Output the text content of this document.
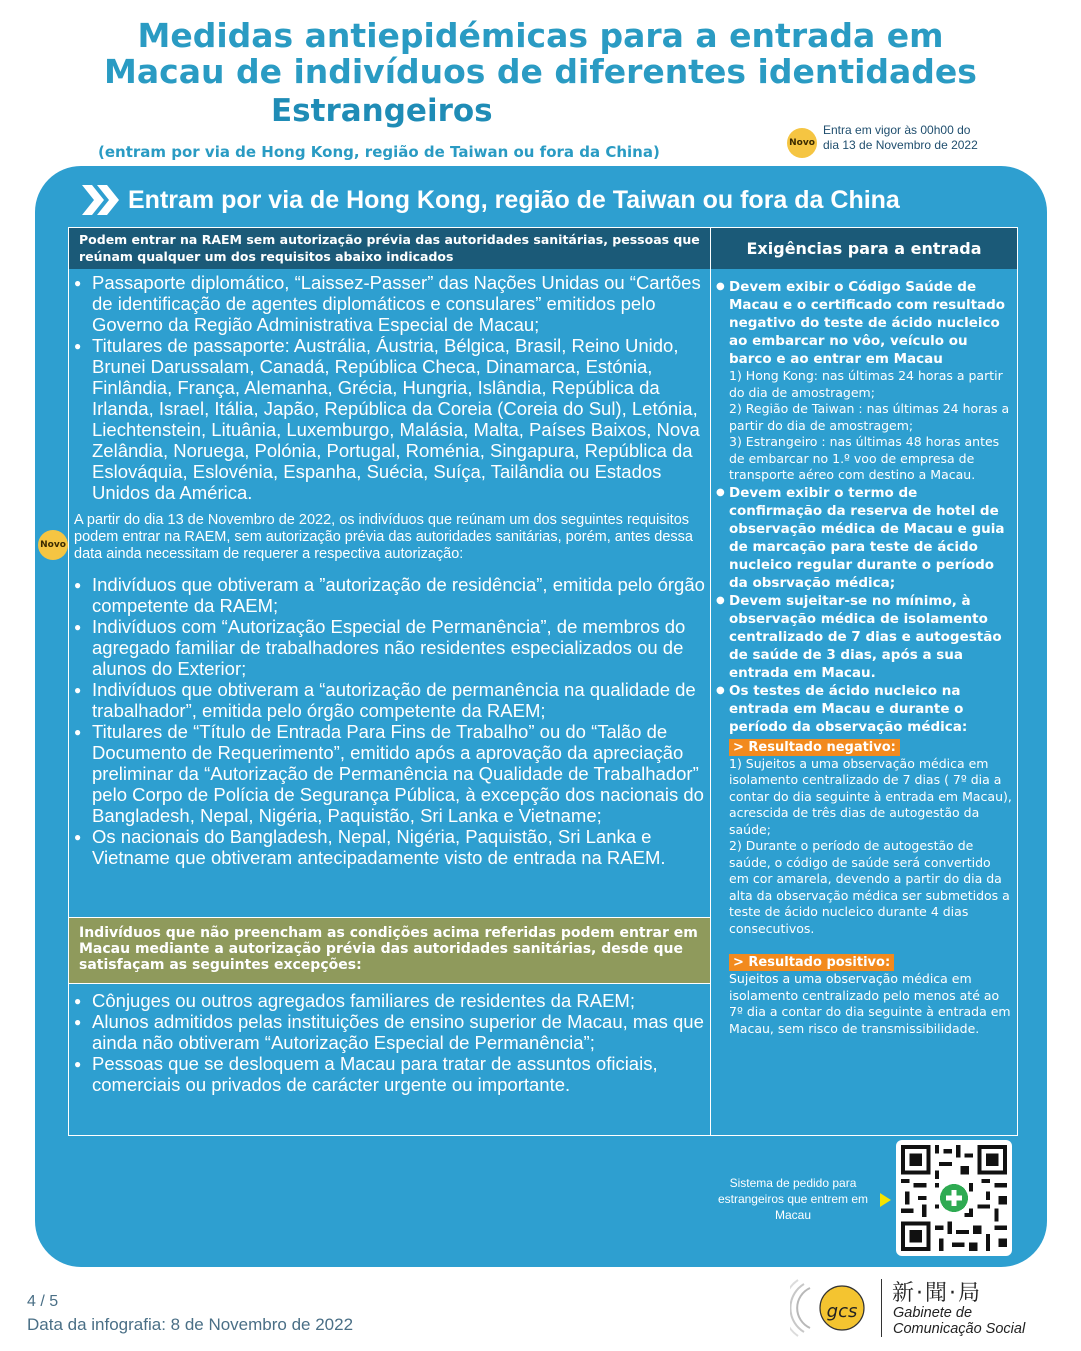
Medidas antiepidémicas para a entrada em
Macau de indivíduos de diferentes identidades
Estrangeiros
(entram por via de Hong Kong, região de Taiwan ou fora da China)	Novo
Entra em vigor às 00h00 do
dia 13 de Novembro de 2022
Entram por via de Hong Kong, região de Taiwan ou fora da China
Podem entrar na RAEM sem autorização prévia das autoridades sanitárias, pessoas que reúnam qualquer um dos requisitos abaixo indicados	Exigências para a entrada
● Passaporte diplomático, “Laissez-Passer” das Nações Unidas ou “Cartões de identificação de agentes diplomáticos e consulares” emitidos pelo Governo da Região Administrativa Especial de Macau;
● Titulares de passaporte: Austrália, Áustria, Bélgica, Brasil, Reino Unido, Brunei Darussalam, Canadá, República Checa, Dinamarca, Estónia, Finlândia, França, Alemanha, Grécia, Hungria, Islândia, República da Irlanda, Israel, Itália, Japão, República da Coreia (Coreia do Sul), Letónia, Liechtenstein, Lituânia, Luxemburgo, Malásia, Malta, Países Baixos, Nova Zelândia, Noruega, Polónia, Portugal, Roménia, Singapura, República da Eslováquia, Eslovénia, Espanha, Suécia, Suíça, Tailândia ou Estados Unidos da América.
Novo
A partir do dia 13 de Novembro de 2022, os indivíduos que reúnam um dos seguintes requisitos podem entrar na RAEM, sem autorização prévia das autoridades sanitárias, porém, antes dessa data ainda necessitam de requerer a respectiva autorização:
● Indivíduos que obtiveram a ”autorização de residência”, emitida pelo órgão competente da RAEM;
● Indivíduos com “Autorização Especial de Permanência”, de membros do agregado familiar de trabalhadores não residentes especializados ou de alunos do Exterior;
● Indivíduos que obtiveram a “autorização de permanência na qualidade de trabalhador”, emitida pelo órgão competente da RAEM;
● Titulares de “Título de Entrada Para Fins de Trabalho” ou do “Talão de Documento de Requerimento”, emitido após a aprovação da apreciação preliminar da “Autorização de Permanência na Qualidade de Trabalhador” pelo Corpo de Polícia de Segurança Pública, à excepção dos nacionais do Bangladesh, Nepal, Nigéria, Paquistão, Sri Lanka e Vietname;
● Os nacionais do Bangladesh, Nepal, Nigéria, Paquistão, Sri Lanka e Vietname que obtiveram antecipadamente visto de entrada na RAEM.
Indivíduos que não preencham as condições acima referidas podem entrar em Macau mediante a autorização prévia das autoridades sanitárias, desde que satisfaçam as seguintes excepções:
● Cônjuges ou outros agregados familiares de residentes da RAEM;
● Alunos admitidos pelas instituições de ensino superior de Macau, mas que ainda não obtiveram “Autorização Especial de Permanência”;
● Pessoas que se desloquem a Macau para tratar de assuntos oficiais, comerciais ou privados de carácter urgente ou importante.
● Devem exibir o Código Saúde de Macau e o certificado com resultado negativo do teste de ácido nucleico ao embarcar no vôo, veículo ou barco e ao entrar em Macau
1) Hong Kong: nas últimas 24 horas a partir do dia de amostragem;
2) Região de Taiwan : nas últimas 24 horas a partir do dia de amostragem;
3) Estrangeiro : nas últimas 48 horas antes de embarcar no 1.º voo de empresa de transporte aéreo com destino a Macau.
● Devem exibir o termo de confirmação da reserva de hotel de observação médica de Macau e guia de marcação para teste de ácido nucleico regular durante o período da obsrvação médica;
● Devem sujeitar-se no mínimo, à observação médica de isolamento centralizado de 7 dias e autogestão de saúde de 3 dias, após a sua entrada em Macau.
● Os testes de ácido nucleico na entrada em Macau e durante o período da observação médica:
> Resultado negativo:
1) Sujeitos a uma observação médica em isolamento centralizado de 7 dias ( 7º dia a contar do dia seguinte à entrada em Macau), acrescida de três dias de autogestão da saúde;
2) Durante o período de autogestão de saúde, o código de saúde será convertido em cor amarela, devendo a partir do dia da alta da observação médica ser submetidos a teste de ácido nucleico durante 4 dias consecutivos.
> Resultado positivo:
Sujeitos a uma observação médica em isolamento centralizado pelo menos até ao 7º dia a contar do dia seguinte à entrada em Macau, sem risco de transmissibilidade.
Sistema de pedido para estrangeiros que entrem em Macau
4 / 5
Data da infografia: 8 de Novembro de 2022
gcs
新·聞·局
Gabinete de
Comunicação Social
